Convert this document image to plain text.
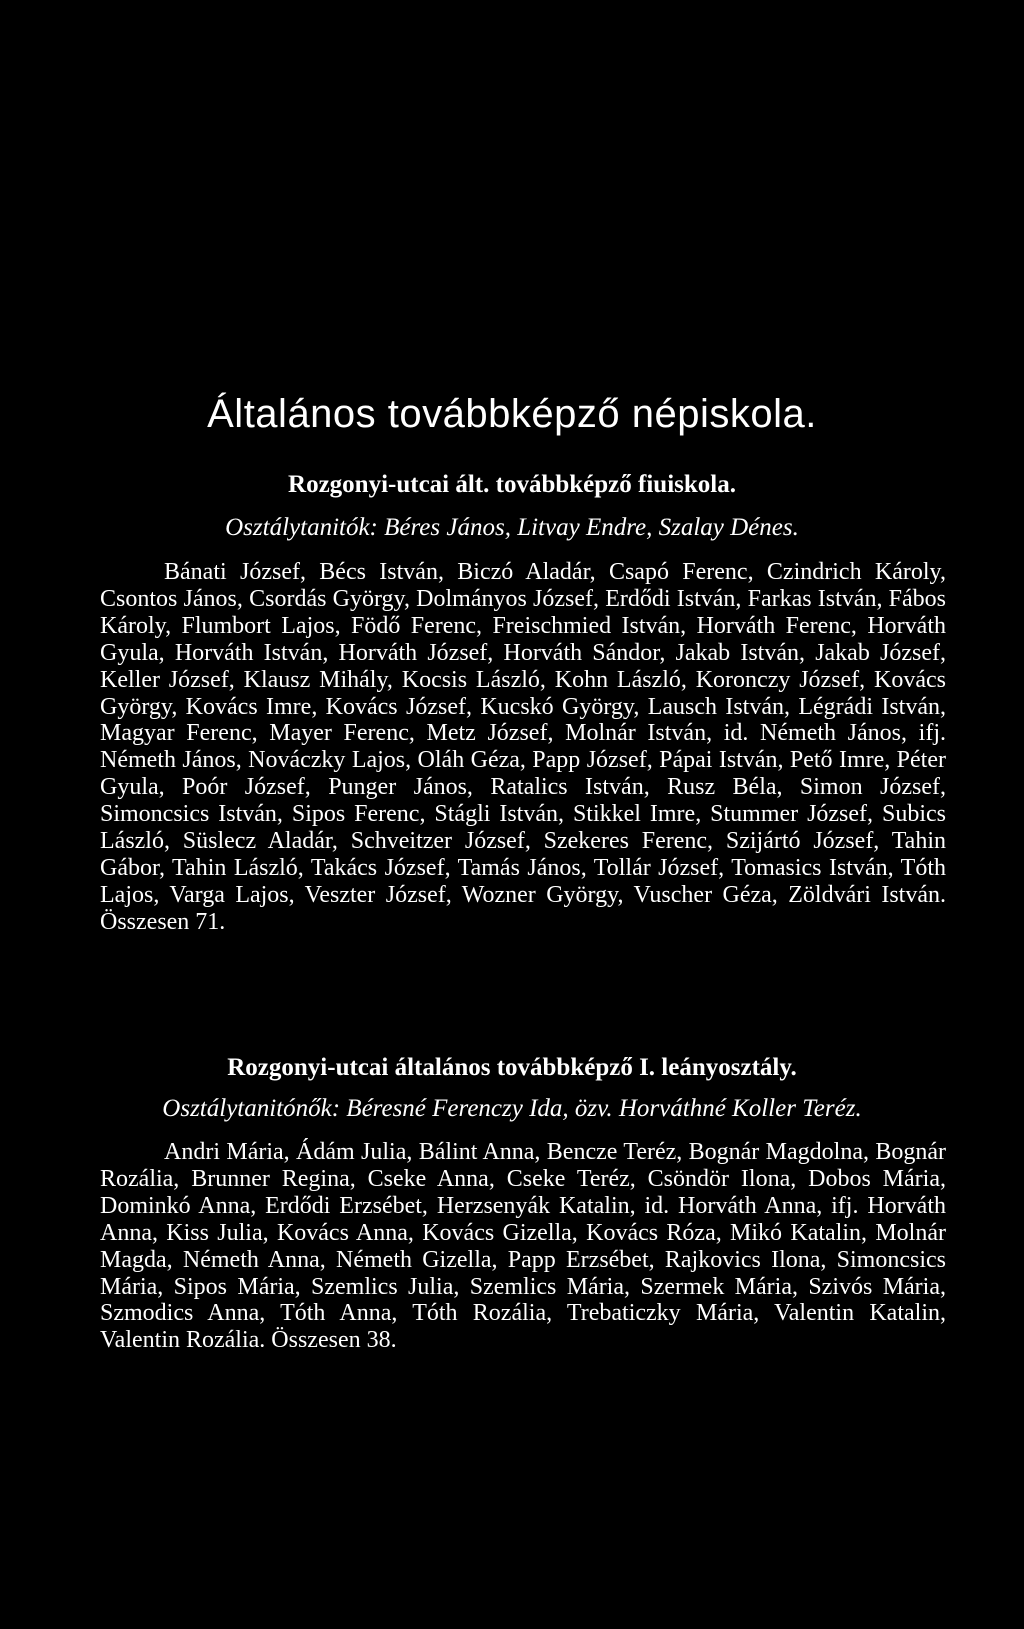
Általános továbbképző népiskola.
Rozgonyi-utcai ált. továbbképző fiuiskola.

Osztálytanitók: Béres János, Litvay Endre, Szalay Dénes.

Bánati József, Bécs István, Biczó Aladár, Csapó Ferenc, Czindrich Károly, Csontos János, Csordás György, Dolmányos József, Erdődi István, Farkas István, Fábos Károly, Flumbort Lajos, Födő Ferenc, Freischmied István, Horváth Ferenc, Horváth Gyula, Horváth István, Horváth József, Horváth Sándor, Jakab István, Jakab József, Keller József, Klausz Mihály, Kocsis László, Kohn László, Koronczy József, Kovács György, Kovács Imre, Kovács József, Kucskó György, Lausch István, Légrádi István, Magyar Ferenc, Mayer Ferenc, Metz József, Molnár István, id. Németh János, ifj. Németh János, Nováczky Lajos, Oláh Géza, Papp József, Pápai István, Pető Imre, Péter Gyula, Poór József, Punger János, Ratalics István, Rusz Béla, Simon József, Simoncsics István, Sipos Ferenc, Stágli István, Stikkel Imre, Stummer József, Subics László, Süslecz Aladár, Schveitzer József, Szekeres Ferenc, Szijártó József, Tahin Gábor, Tahin László, Takács József, Tamás János, Tollár József, Tomasics István, Tóth Lajos, Varga Lajos, Veszter József, Wozner György, Vuscher Géza, Zöldvári István. Összesen 71.

Rozgonyi-utcai általános továbbképző I. leányosztály.

Osztálytanitónők: Béresné Ferenczy Ida, özv. Horváthné Koller Teréz.

Andri Mária, Ádám Julia, Bálint Anna, Bencze Teréz, Bognár Magdolna, Bognár Rozália, Brunner Regina, Cseke Anna, Cseke Teréz, Csöndör Ilona, Dobos Mária, Dominkó Anna, Erdődi Erzsébet, Herzsenyák Katalin, id. Horváth Anna, ifj. Horváth Anna, Kiss Julia, Kovács Anna, Kovács Gizella, Kovács Róza, Mikó Katalin, Molnár Magda, Németh Anna, Németh Gizella, Papp Erzsébet, Rajkovics Ilona, Simoncsics Mária, Sipos Mária, Szemlics Julia, Szemlics Mária, Szermek Mária, Szivós Mária, Szmodics Anna, Tóth Anna, Tóth Rozália, Trebaticzky Mária, Valentin Katalin, Valentin Rozália. Összesen 38.
